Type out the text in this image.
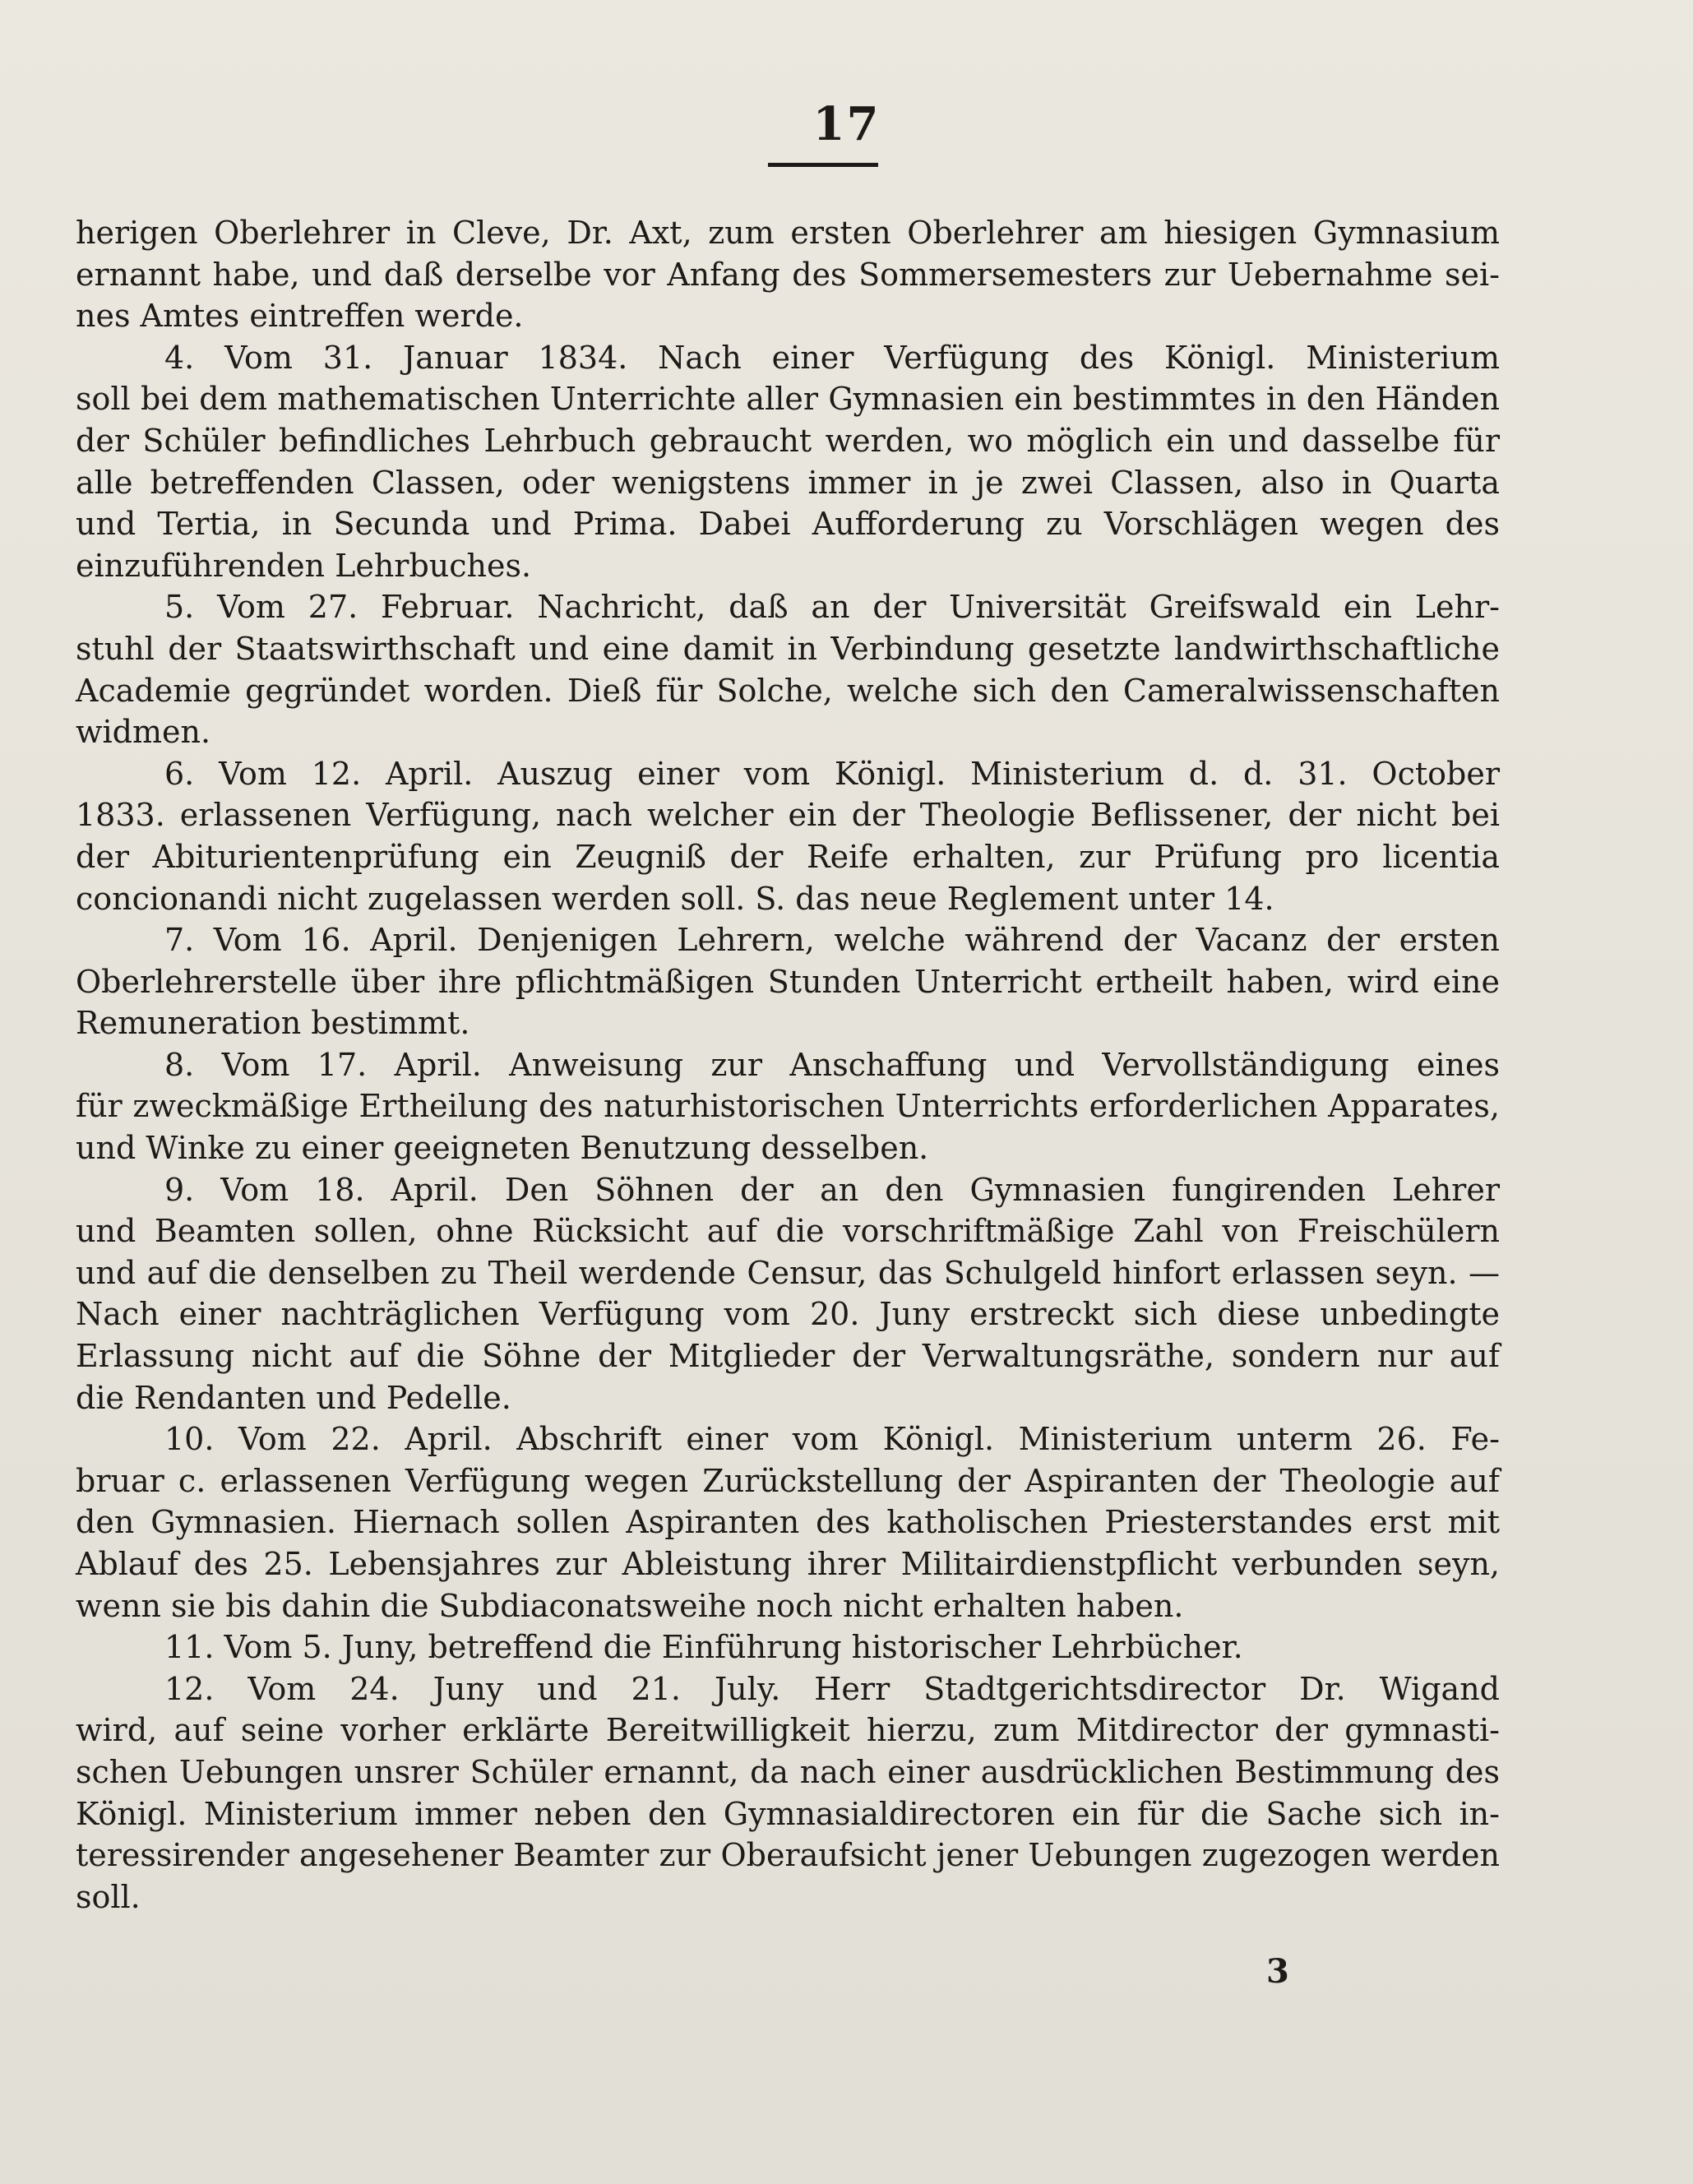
17
herigen Oberlehrer in Cleve, Dr. Axt, zum ersten Oberlehrer am hiesigen Gymnasium
ernannt habe, und daß derselbe vor Anfang des Sommersemesters zur Uebernahme sei-
nes Amtes eintreffen werde.
4. Vom 31. Januar 1834. Nach einer Verfügung des Königl. Ministerium
soll bei dem mathematischen Unterrichte aller Gymnasien ein bestimmtes in den Händen
der Schüler befindliches Lehrbuch gebraucht werden, wo möglich ein und dasselbe für
alle betreffenden Classen, oder wenigstens immer in je zwei Classen, also in Quarta
und Tertia, in Secunda und Prima. Dabei Aufforderung zu Vorschlägen wegen des
einzuführenden Lehrbuches.
5. Vom 27. Februar. Nachricht, daß an der Universität Greifswald ein Lehr-
stuhl der Staatswirthschaft und eine damit in Verbindung gesetzte landwirthschaftliche
Academie gegründet worden. Dieß für Solche, welche sich den Cameralwissenschaften
widmen.
6. Vom 12. April. Auszug einer vom Königl. Ministerium d. d. 31. October
1833. erlassenen Verfügung, nach welcher ein der Theologie Beflissener, der nicht bei
der Abiturientenprüfung ein Zeugniß der Reife erhalten, zur Prüfung pro licentia
concionandi nicht zugelassen werden soll. S. das neue Reglement unter 14.
7. Vom 16. April. Denjenigen Lehrern, welche während der Vacanz der ersten
Oberlehrerstelle über ihre pflichtmäßigen Stunden Unterricht ertheilt haben, wird eine
Remuneration bestimmt.
8. Vom 17. April. Anweisung zur Anschaffung und Vervollständigung eines
für zweckmäßige Ertheilung des naturhistorischen Unterrichts erforderlichen Apparates,
und Winke zu einer geeigneten Benutzung desselben.
9. Vom 18. April. Den Söhnen der an den Gymnasien fungirenden Lehrer
und Beamten sollen, ohne Rücksicht auf die vorschriftmäßige Zahl von Freischülern
und auf die denselben zu Theil werdende Censur, das Schulgeld hinfort erlassen seyn. —
Nach einer nachträglichen Verfügung vom 20. Juny erstreckt sich diese unbedingte
Erlassung nicht auf die Söhne der Mitglieder der Verwaltungsräthe, sondern nur auf
die Rendanten und Pedelle.
10. Vom 22. April. Abschrift einer vom Königl. Ministerium unterm 26. Fe-
bruar c. erlassenen Verfügung wegen Zurückstellung der Aspiranten der Theologie auf
den Gymnasien. Hiernach sollen Aspiranten des katholischen Priesterstandes erst mit
Ablauf des 25. Lebensjahres zur Ableistung ihrer Militairdienstpflicht verbunden seyn,
wenn sie bis dahin die Subdiaconatsweihe noch nicht erhalten haben.
11. Vom 5. Juny, betreffend die Einführung historischer Lehrbücher.
12. Vom 24. Juny und 21. July. Herr Stadtgerichtsdirector Dr. Wigand
wird, auf seine vorher erklärte Bereitwilligkeit hierzu, zum Mitdirector der gymnasti-
schen Uebungen unsrer Schüler ernannt, da nach einer ausdrücklichen Bestimmung des
Königl. Ministerium immer neben den Gymnasialdirectoren ein für die Sache sich in-
teressirender angesehener Beamter zur Oberaufsicht jener Uebungen zugezogen werden
soll.
3
